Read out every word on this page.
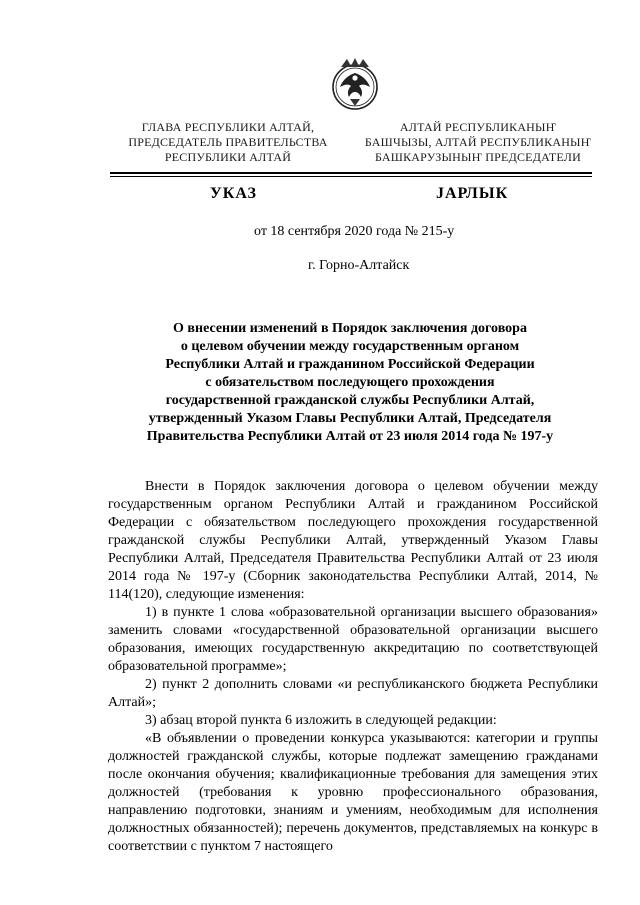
ГЛАВА РЕСПУБЛИКИ АЛТАЙ,
ПРЕДСЕДАТЕЛЬ ПРАВИТЕЛЬСТВА
РЕСПУБЛИКИ АЛТАЙ
АЛТАЙ РЕСПУБЛИКАНЫҤ
БАШЧЫЗЫ, АЛТАЙ РЕСПУБЛИКАНЫҤ
БАШКАРУЗЫНЫҤ ПРЕДСЕДАТЕЛИ
УКАЗ	JАРЛЫК
от 18 сентября 2020 года № 215-у
г. Горно-Алтайск
О внесении изменений в Порядок заключения договора
о целевом обучении между государственным органом
Республики Алтай и гражданином Российской Федерации
с обязательством последующего прохождения
государственной гражданской службы Республики Алтай,
утвержденный Указом Главы Республики Алтай, Председателя
Правительства Республики Алтай от 23 июля 2014 года № 197-у

Внести в Порядок заключения договора о целевом обучении между государственным органом Республики Алтай и гражданином Российской Федерации с обязательством последующего прохождения государственной гражданской службы Республики Алтай, утвержденный Указом Главы Республики Алтай, Председателя Правительства Республики Алтай от 23 июля 2014 года № 197-у (Сборник законодательства Республики Алтай, 2014, № 114(120), следующие изменения:

1) в пункте 1 слова «образовательной организации высшего образования» заменить словами «государственной образовательной организации высшего образования, имеющих государственную аккредитацию по соответствующей образовательной программе»;

2) пункт 2 дополнить словами «и республиканского бюджета Республики Алтай»;

3) абзац второй пункта 6 изложить в следующей редакции:

«В объявлении о проведении конкурса указываются: категории и группы должностей гражданской службы, которые подлежат замещению гражданами после окончания обучения; квалификационные требования для замещения этих должностей (требования к уровню профессионального образования, направлению подготовки, знаниям и умениям, необходимым для исполнения должностных обязанностей); перечень документов, представляемых на конкурс в соответствии с пунктом 7 настоящего
